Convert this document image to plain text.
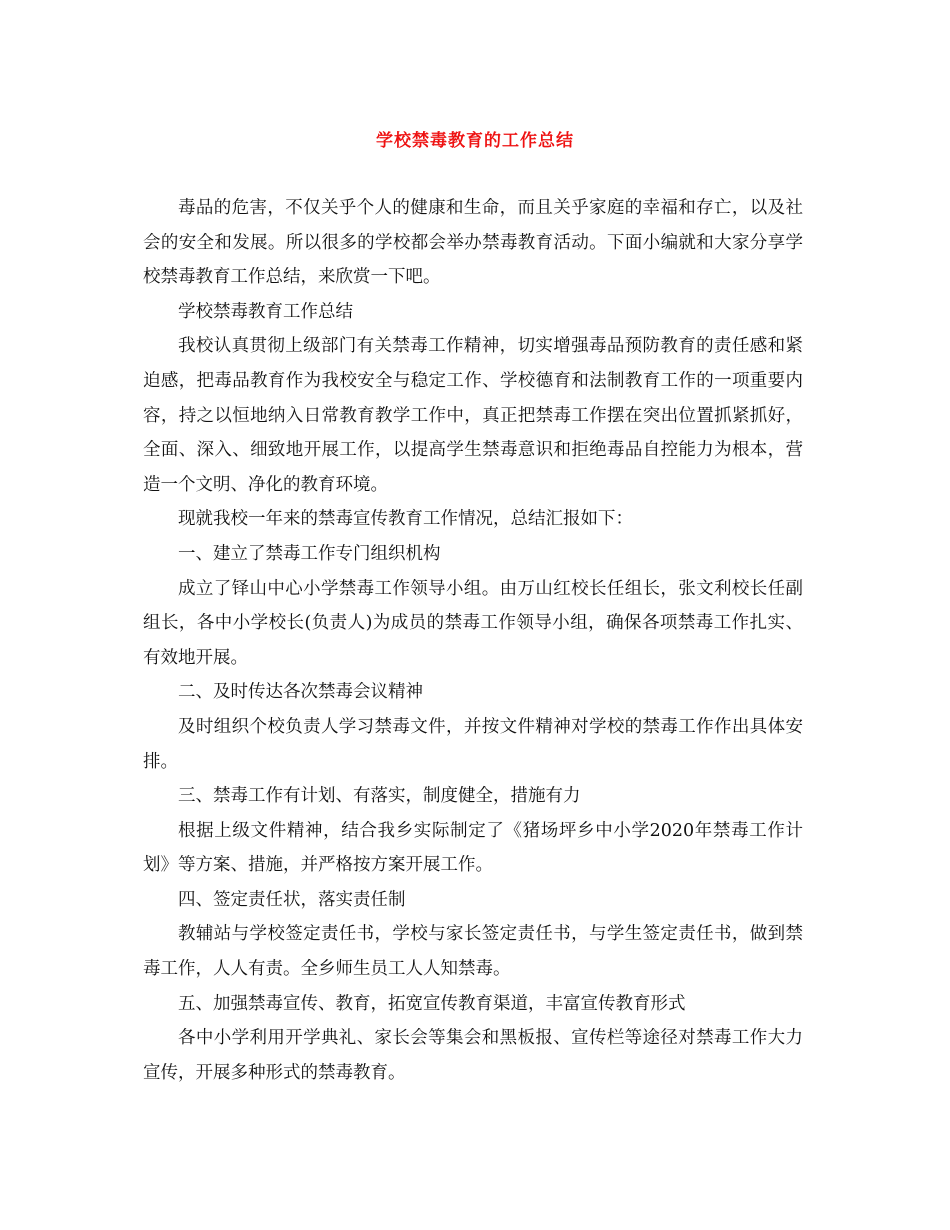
学校禁毒教育的工作总结

毒品的危害，不仅关乎个人的健康和生命，而且关乎家庭的幸福和存亡，以及社会的安全和发展。所以很多的学校都会举办禁毒教育活动。下面小编就和大家分享学校禁毒教育工作总结，来欣赏一下吧。

学校禁毒教育工作总结

我校认真贯彻上级部门有关禁毒工作精神，切实增强毒品预防教育的责任感和紧迫感，把毒品教育作为我校安全与稳定工作、学校德育和法制教育工作的一项重要内容，持之以恒地纳入日常教育教学工作中，真正把禁毒工作摆在突出位置抓紧抓好，全面、深入、细致地开展工作，以提高学生禁毒意识和拒绝毒品自控能力为根本，营造一个文明、净化的教育环境。

现就我校一年来的禁毒宣传教育工作情况，总结汇报如下：

一、建立了禁毒工作专门组织机构

成立了铎山中心小学禁毒工作领导小组。由万山红校长任组长，张文利校长任副组长，各中小学校长(负责人)为成员的禁毒工作领导小组，确保各项禁毒工作扎实、有效地开展。

二、及时传达各次禁毒会议精神

及时组织个校负责人学习禁毒文件，并按文件精神对学校的禁毒工作作出具体安排。

三、禁毒工作有计划、有落实，制度健全，措施有力

根据上级文件精神，结合我乡实际制定了《猪场坪乡中小学2020年禁毒工作计划》等方案、措施，并严格按方案开展工作。

四、签定责任状，落实责任制

教辅站与学校签定责任书，学校与家长签定责任书，与学生签定责任书，做到禁毒工作，人人有责。全乡师生员工人人知禁毒。

五、加强禁毒宣传、教育，拓宽宣传教育渠道，丰富宣传教育形式

各中小学利用开学典礼、家长会等集会和黑板报、宣传栏等途径对禁毒工作大力宣传，开展多种形式的禁毒教育。
